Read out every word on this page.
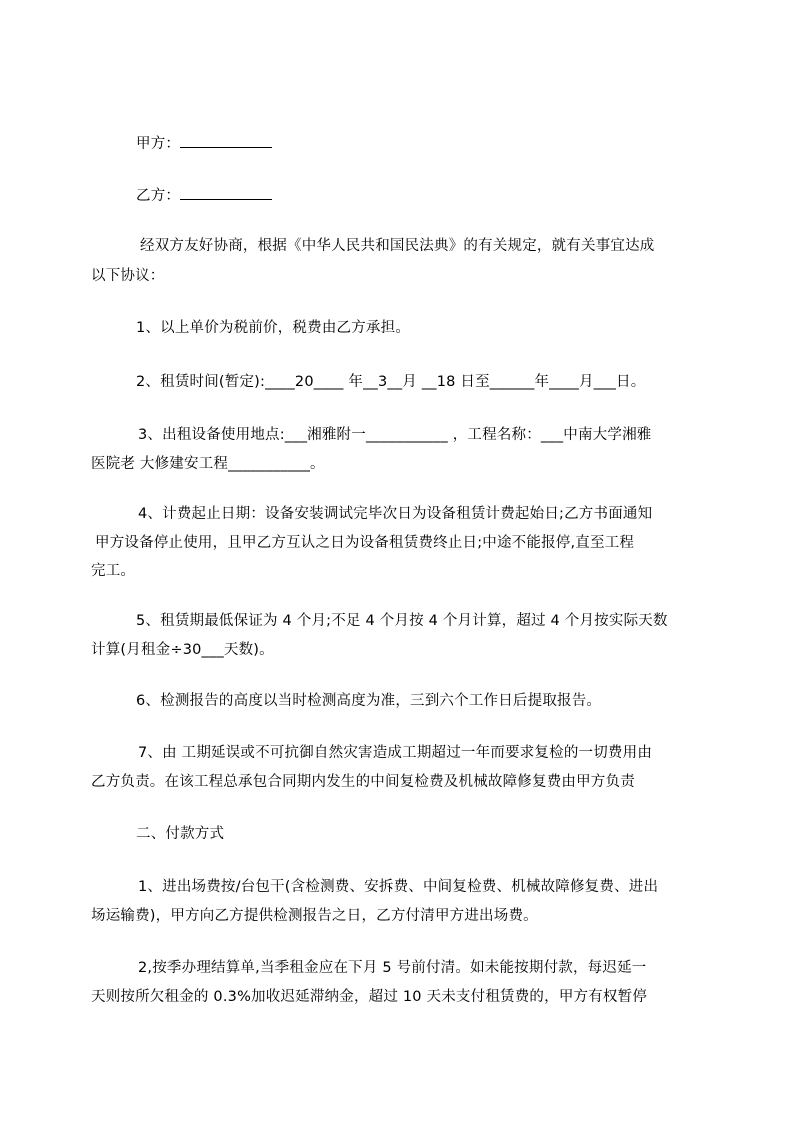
甲方：
乙方：
经双方友好协商，根据《中华人民共和国民法典》的有关规定，就有关事宜达成
以下协议：
1、以上单价为税前价，税费由乙方承担。
2、租赁时间(暂定):____20____ 年__3__月 __18 日至______年____月___日。
3、出租设备使用地点:___湘雅附一___________ ，工程名称：___中南大学湘雅
医院老 大修建安工程___________。
4、计费起止日期：设备安装调试完毕次日为设备租赁计费起始日;乙方书面通知
甲方设备停止使用，且甲乙方互认之日为设备租赁费终止日;中途不能报停,直至工程
完工。
5、租赁期最低保证为 4 个月;不足 4 个月按 4 个月计算，超过 4 个月按实际天数
计算(月租金÷30___天数)。
6、检测报告的高度以当时检测高度为准，三到六个工作日后提取报告。
7、由 工期延误或不可抗御自然灾害造成工期超过一年而要求复检的一切费用由
乙方负责。在该工程总承包合同期内发生的中间复检费及机械故障修复费由甲方负责
二、付款方式
1、进出场费按/台包干(含检测费、安拆费、中间复检费、机械故障修复费、进出
场运输费)，甲方向乙方提供检测报告之日，乙方付清甲方进出场费。
2,按季办理结算单,当季租金应在下月 5 号前付清。如未能按期付款，每迟延一
天则按所欠租金的 0.3%加收迟延滞纳金，超过 10 天未支付租赁费的，甲方有权暂停
